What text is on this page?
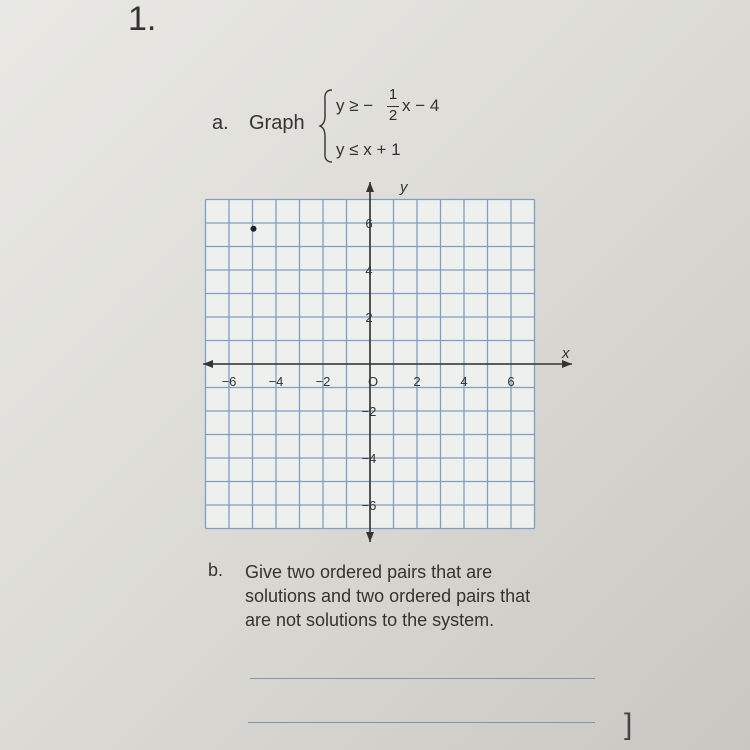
1.
a. Graph
y ≥ −
1
2
x − 4
y ≤ x + 1
x
y
−6 −4 −2	O	2	4	6
6
4
2
−2
−4
−6
b. Give two ordered pairs that are
solutions and two ordered pairs that
are not solutions to the system.
]
